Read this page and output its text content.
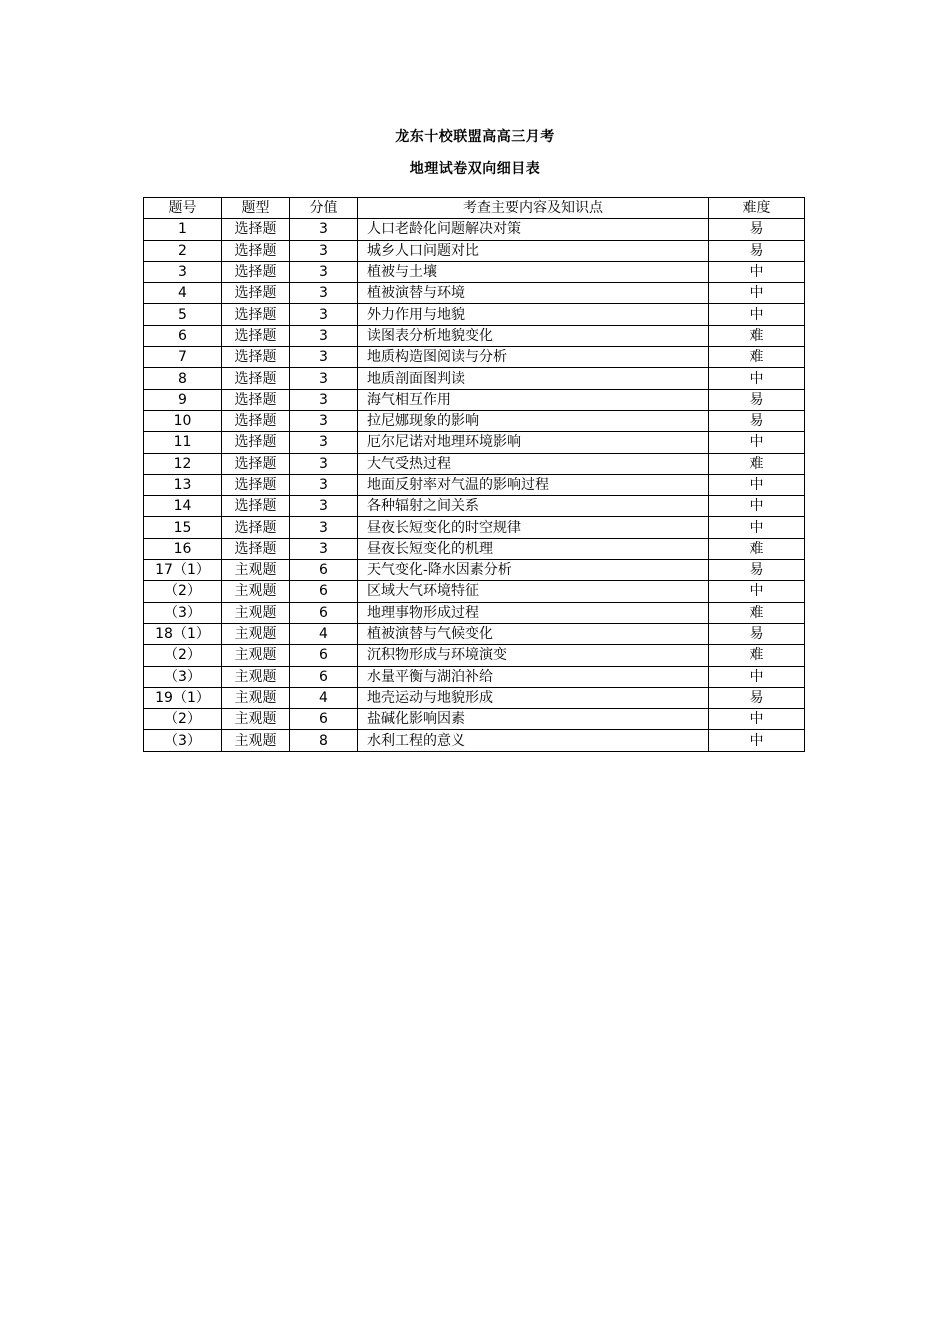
龙东十校联盟高高三月考
地理试卷双向细目表
题号	题型	分值	考查主要内容及知识点	难度
1	选择题	3	人口老龄化问题解决对策	易
2	选择题	3	城乡人口问题对比	易
3	选择题	3	植被与土壤	中
4	选择题	3	植被演替与环境	中
5	选择题	3	外力作用与地貌	中
6	选择题	3	读图表分析地貌变化	难
7	选择题	3	地质构造图阅读与分析	难
8	选择题	3	地质剖面图判读	中
9	选择题	3	海气相互作用	易
10	选择题	3	拉尼娜现象的影响	易
11	选择题	3	厄尔尼诺对地理环境影响	中
12	选择题	3	大气受热过程	难
13	选择题	3	地面反射率对气温的影响过程	中
14	选择题	3	各种辐射之间关系	中
15	选择题	3	昼夜长短变化的时空规律	中
16	选择题	3	昼夜长短变化的机理	难
17（1）	主观题	6	天气变化-降水因素分析	易
（2）	主观题	6	区域大气环境特征	中
（3）	主观题	6	地理事物形成过程	难
18（1）	主观题	4	植被演替与气候变化	易
（2）	主观题	6	沉积物形成与环境演变	难
（3）	主观题	6	水量平衡与湖泊补给	中
19（1）	主观题	4	地壳运动与地貌形成	易
（2）	主观题	6	盐碱化影响因素	中
（3）	主观题	8	水利工程的意义	中
